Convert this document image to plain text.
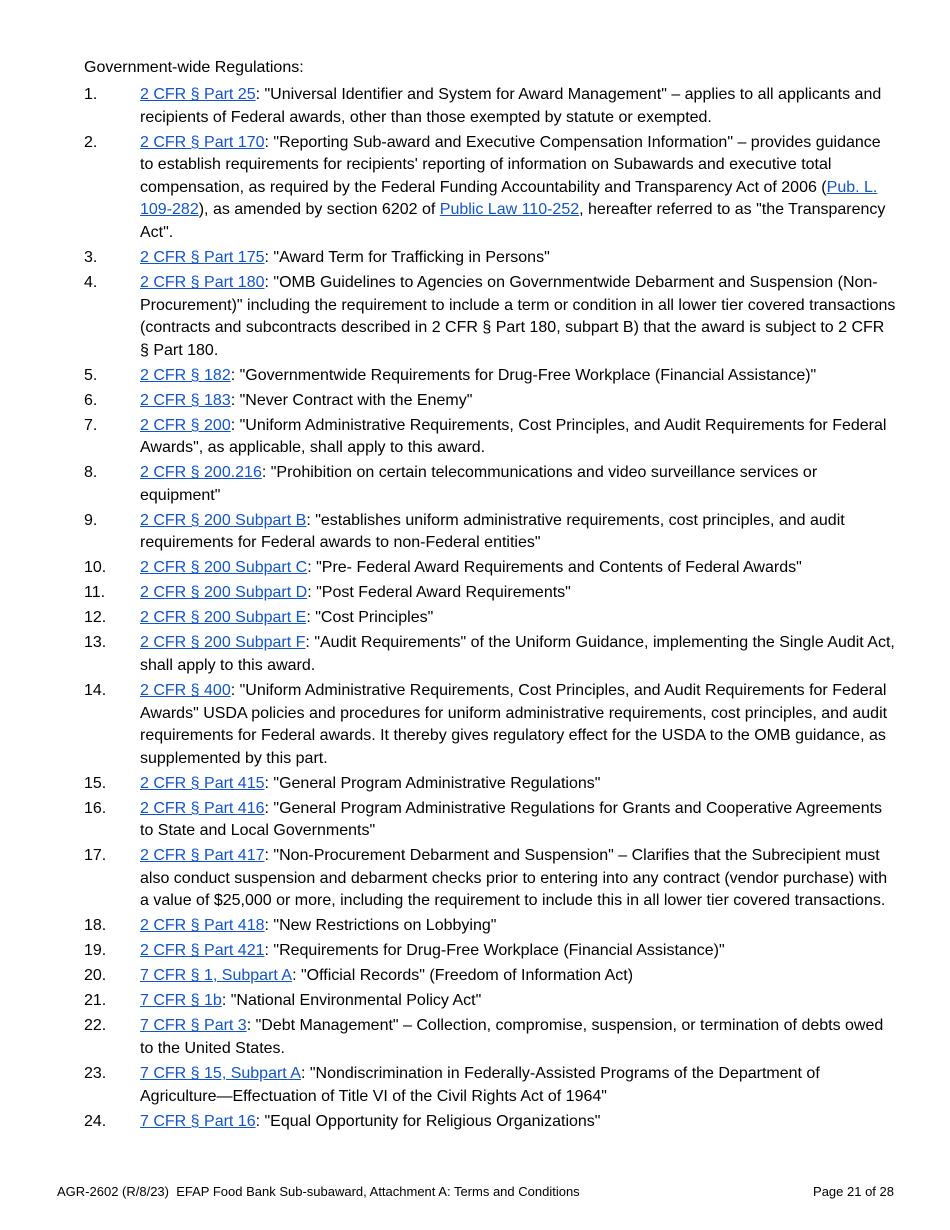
Government-wide Regulations:

1.	2 CFR § Part 25: "Universal Identifier and System for Award Management" – applies to all applicants and recipients of Federal awards, other than those exempted by statute or exempted.
2.	2 CFR § Part 170: "Reporting Sub-award and Executive Compensation Information" – provides guidance to establish requirements for recipients' reporting of information on Subawards and executive total compensation, as required by the Federal Funding Accountability and Transparency Act of 2006 (Pub. L. 109-282), as amended by section 6202 of Public Law 110-252, hereafter referred to as "the Transparency Act".
3.	2 CFR § Part 175: "Award Term for Trafficking in Persons"
4.	2 CFR § Part 180: "OMB Guidelines to Agencies on Governmentwide Debarment and Suspension (Non-Procurement)" including the requirement to include a term or condition in all lower tier covered transactions (contracts and subcontracts described in 2 CFR § Part 180, subpart B) that the award is subject to 2 CFR § Part 180.
5.	2 CFR § 182: "Governmentwide Requirements for Drug-Free Workplace (Financial Assistance)"
6.	2 CFR § 183: "Never Contract with the Enemy"
7.	2 CFR § 200: "Uniform Administrative Requirements, Cost Principles, and Audit Requirements for Federal Awards", as applicable, shall apply to this award.
8.	2 CFR § 200.216: "Prohibition on certain telecommunications and video surveillance services or equipment"
9.	2 CFR § 200 Subpart B: "establishes uniform administrative requirements, cost principles, and audit requirements for Federal awards to non-Federal entities"
10.	2 CFR § 200 Subpart C: "Pre- Federal Award Requirements and Contents of Federal Awards"
11.	2 CFR § 200 Subpart D: "Post Federal Award Requirements"
12.	2 CFR § 200 Subpart E: "Cost Principles"
13.	2 CFR § 200 Subpart F: "Audit Requirements" of the Uniform Guidance, implementing the Single Audit Act, shall apply to this award.
14.	2 CFR § 400: "Uniform Administrative Requirements, Cost Principles, and Audit Requirements for Federal Awards" USDA policies and procedures for uniform administrative requirements, cost principles, and audit requirements for Federal awards. It thereby gives regulatory effect for the USDA to the OMB guidance, as supplemented by this part.
15.	2 CFR § Part 415: "General Program Administrative Regulations"
16.	2 CFR § Part 416: "General Program Administrative Regulations for Grants and Cooperative Agreements to State and Local Governments"
17.	2 CFR § Part 417: "Non-Procurement Debarment and Suspension" – Clarifies that the Subrecipient must also conduct suspension and debarment checks prior to entering into any contract (vendor purchase) with a value of $25,000 or more, including the requirement to include this in all lower tier covered transactions.
18.	2 CFR § Part 418: "New Restrictions on Lobbying"
19.	2 CFR § Part 421: "Requirements for Drug-Free Workplace (Financial Assistance)"
20.	7 CFR § 1, Subpart A: "Official Records" (Freedom of Information Act)
21.	7 CFR § 1b: "National Environmental Policy Act"
22.	7 CFR § Part 3: "Debt Management" – Collection, compromise, suspension, or termination of debts owed to the United States.
23.	7 CFR § 15, Subpart A: "Nondiscrimination in Federally-Assisted Programs of the Department of Agriculture—Effectuation of Title VI of the Civil Rights Act of 1964"
24.	7 CFR § Part 16: "Equal Opportunity for Religious Organizations"
AGR-2602 (R/8/23)  EFAP Food Bank Sub-subaward, Attachment A: Terms and Conditions	Page 21 of 28
